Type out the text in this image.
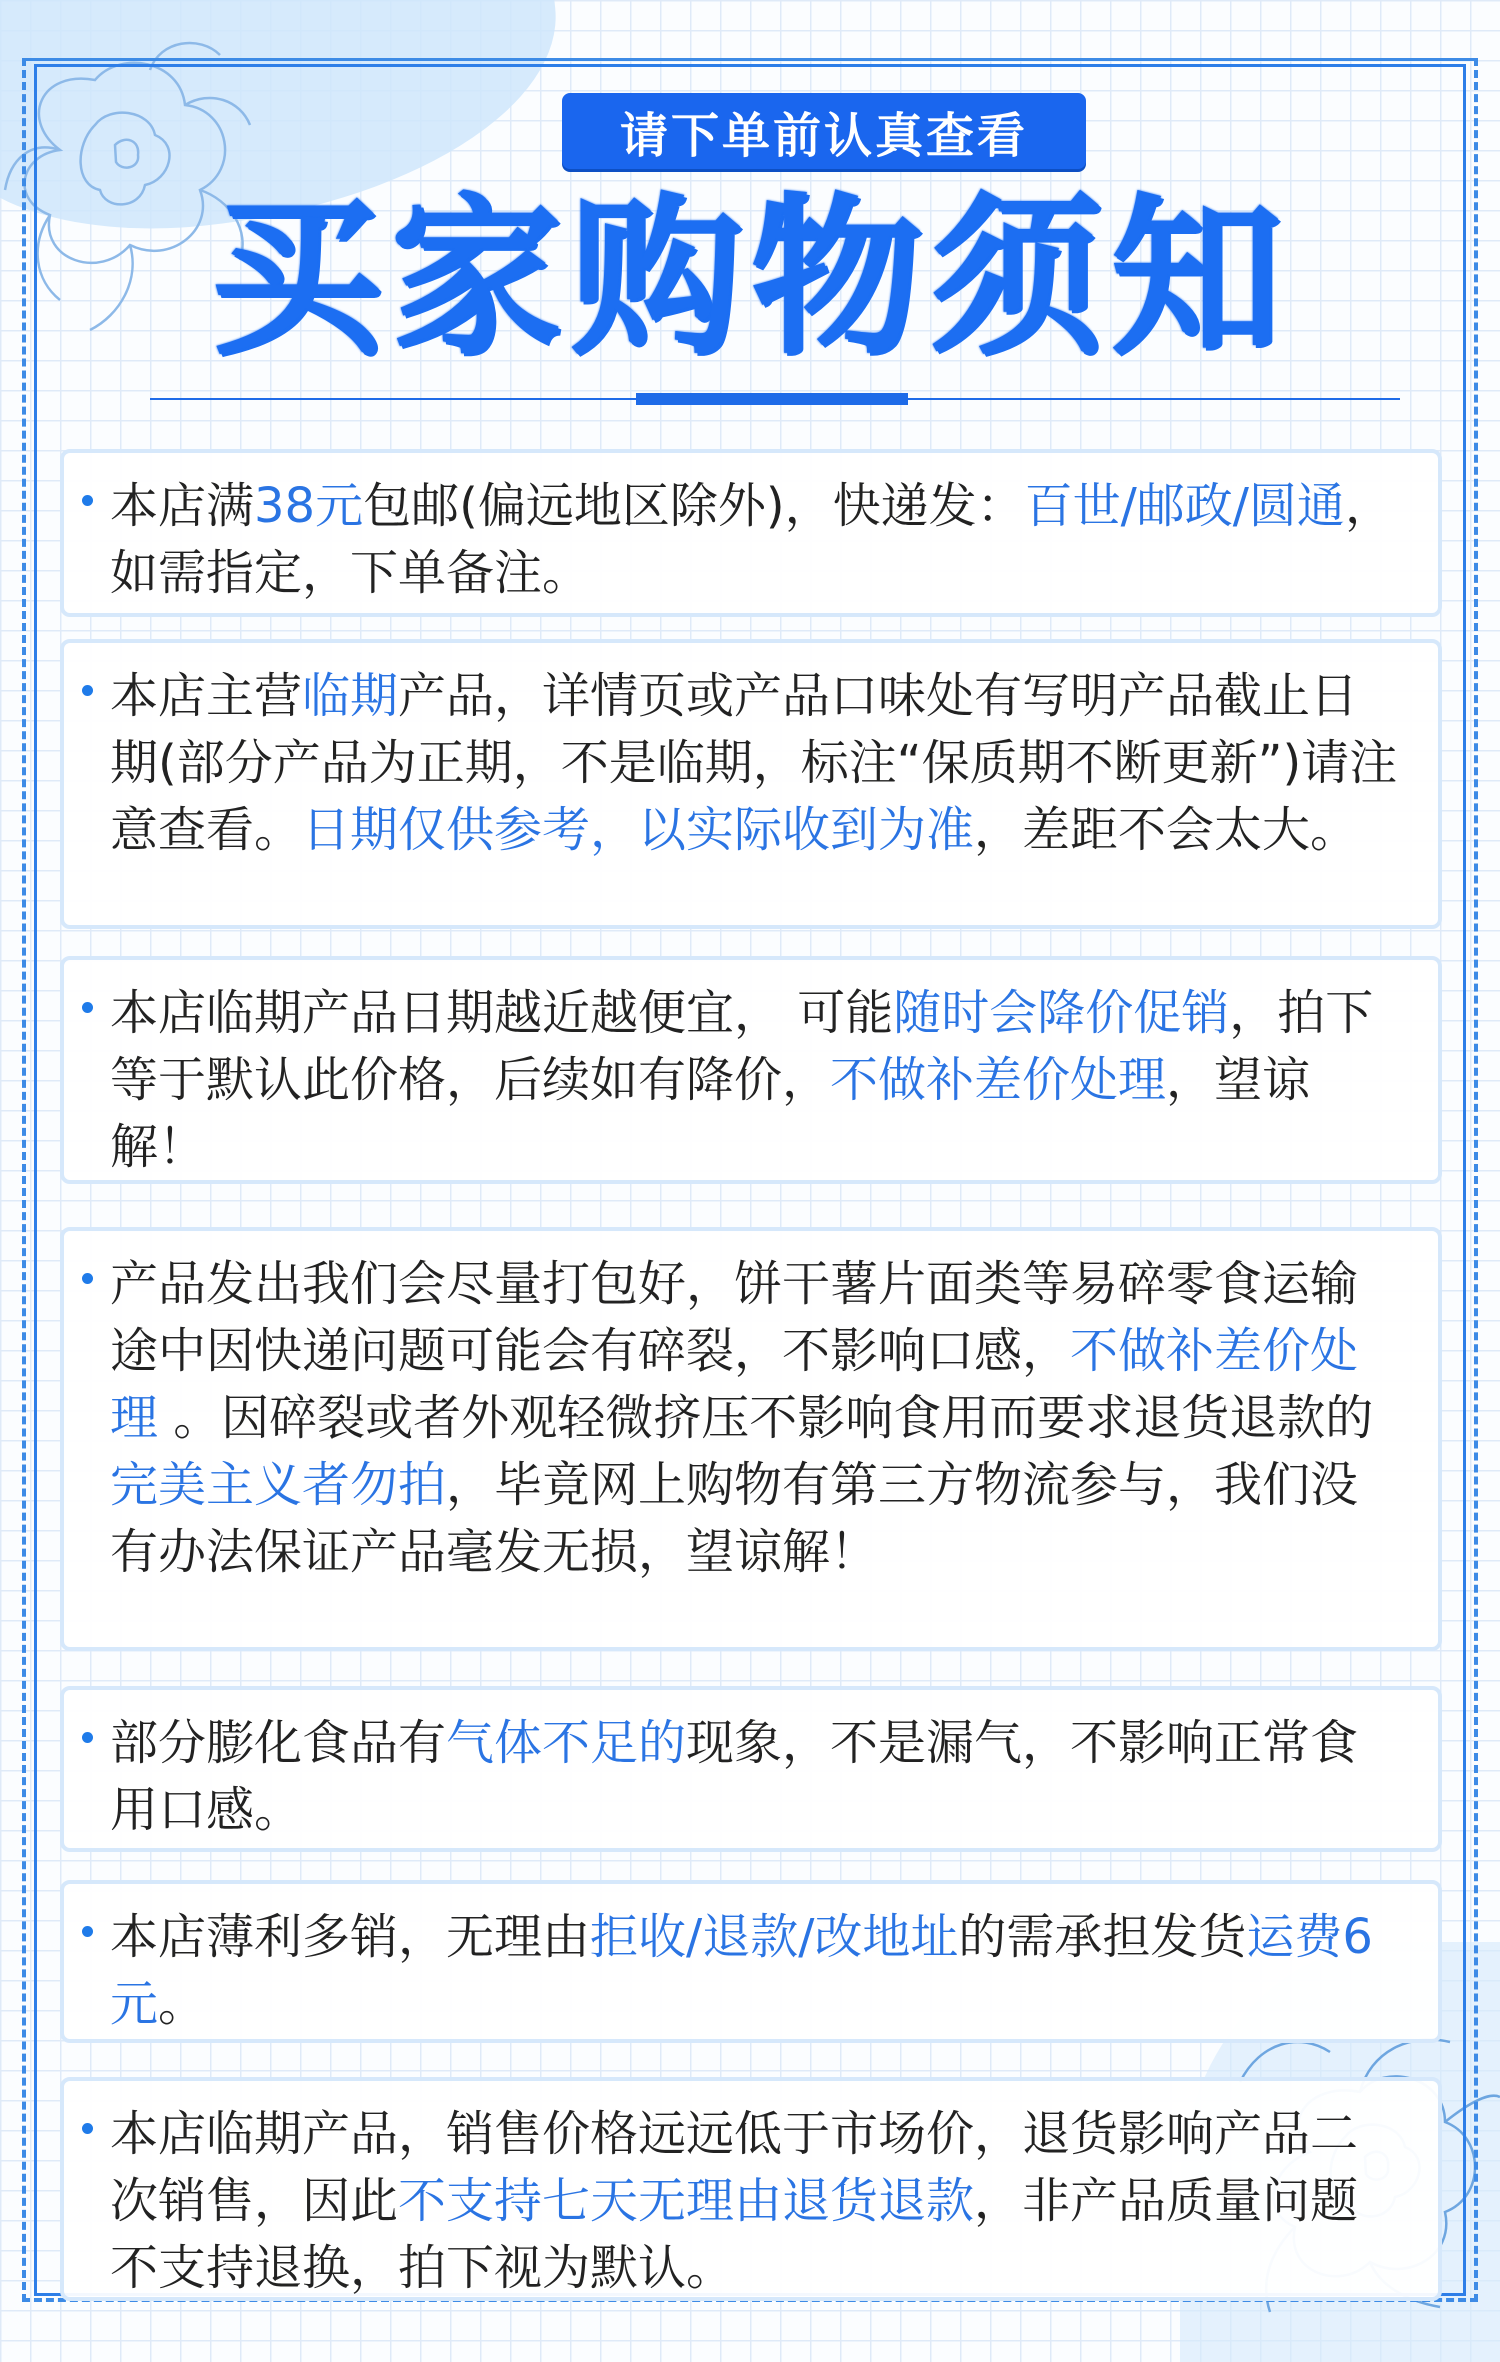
请下单前认真查看
买家购物须知

本店满38元包邮(偏远地区除外)，快递发：百世/邮政/圆通，如需指定，下单备注。

本店主营临期产品，详情页或产品口味处有写明产品截止日期(部分产品为正期，不是临期，标注“保质期不断更新”)请注意查看。日期仅供参考，以实际收到为准，差距不会太大。

本店临期产品日期越近越便宜， 可能随时会降价促销，拍下等于默认此价格，后续如有降价，不做补差价处理，望谅解！

产品发出我们会尽量打包好，饼干薯片面类等易碎零食运输途中因快递问题可能会有碎裂，不影响口感，不做补差价处理 。因碎裂或者外观轻微挤压不影响食用而要求退货退款的完美主义者勿拍，毕竟网上购物有第三方物流参与，我们没有办法保证产品毫发无损，望谅解！

部分膨化食品有气体不足的现象，不是漏气，不影响正常食用口感。

本店薄利多销，无理由拒收/退款/改地址的需承担发货运费6元。

本店临期产品，销售价格远远低于市场价，退货影响产品二次销售，因此不支持七天无理由退货退款，非产品质量问题不支持退换，拍下视为默认。
